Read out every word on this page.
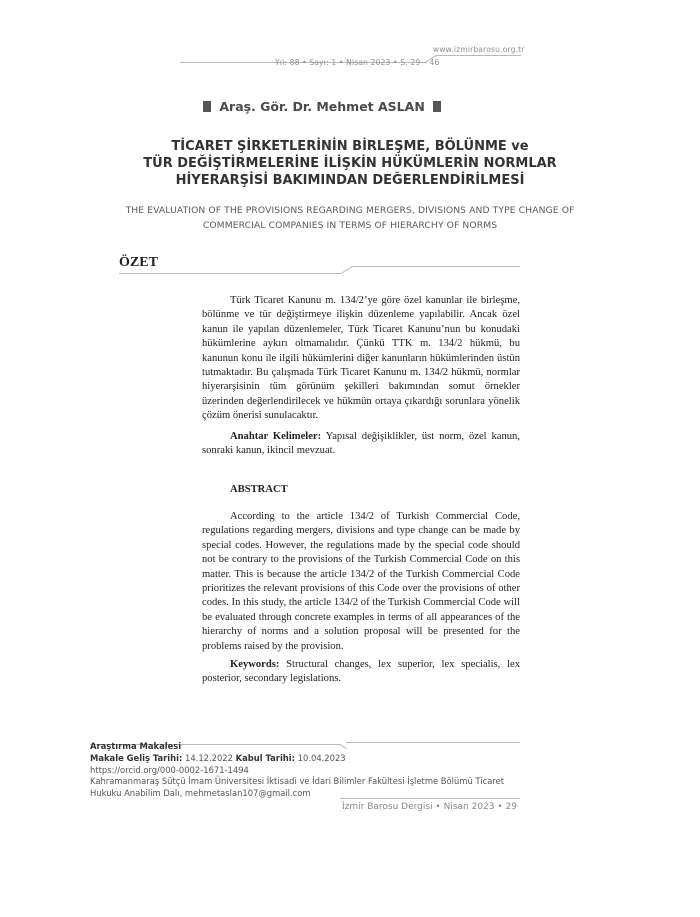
Yıl: 88 • Sayı: 1 • Nisan 2023 • S. 29 – 46
www.izmirbarosu.org.tr
Araş. Gör. Dr. Mehmet ASLAN
TİCARET ŞİRKETLERİNİN BİRLEŞME, BÖLÜNME ve
TÜR DEĞİŞTİRMELERİNE İLİŞKİN HÜKÜMLERİN NORMLAR
HİYERARŞİSİ BAKIMINDAN DEĞERLENDİRİLMESİ
THE EVALUATION OF THE PROVISIONS REGARDING MERGERS, DIVISIONS AND TYPE CHANGE OF
COMMERCIAL COMPANIES IN TERMS OF HIERARCHY OF NORMS
ÖZET
Türk Ticaret Kanunu m. 134/2’ye göre özel kanunlar ile birleşme, bölünme ve tür değiştirmeye ilişkin düzenleme yapılabilir. Ancak özel kanun ile yapılan düzenlemeler, Türk Ticaret Kanunu’nun bu konudaki hükümlerine aykırı olmamalıdır. Çünkü TTK m. 134/2 hükmü, bu kanunun konu ile ilgili hükümlerini diğer kanunların hükümlerinden üstün tutmaktadır. Bu çalışmada Türk Ticaret Kanunu m. 134/2 hükmü, normlar hiyerarşisinin tüm görünüm şekilleri bakımından somut örnekler üzerinden değerlendirilecek ve hükmün ortaya çıkardığı sorunlara yönelik çözüm önerisi sunulacaktır.
Anahtar Kelimeler: Yapısal değişiklikler, üst norm, özel kanun, sonraki kanun, ikincil mevzuat.
ABSTRACT
According to the article 134/2 of Turkish Commercial Code, regulations regarding mergers, divisions and type change can be made by special codes. However, the regulations made by the special code should not be contrary to the provisions of the Turkish Commercial Code on this matter. This is because the article 134/2 of the Turkish Commercial Code prioritizes the relevant provisions of this Code over the provisions of other codes. In this study, the article 134/2 of the Turkish Commercial Code will be evaluated through concrete examples in terms of all appearances of the hierarchy of norms and a solution proposal will be presented for the problems raised by the provision.
Keywords: Structural changes, lex superior, lex specialis, lex posterior, secondary legislations.
Araştırma Makalesi
Makale Geliş Tarihi: 14.12.2022 Kabul Tarihi: 10.04.2023
https://orcid.org/000-0002-1671-1494
Kahramanmaraş Sütçü İmam Üniversitesi İktisadi ve İdari Bilimler Fakültesi İşletme Bölümü Ticaret
Hukuku Anabilim Dalı, mehmetaslan107@gmail.com
İzmir Barosu Dergisi • Nisan 2023 • 29
